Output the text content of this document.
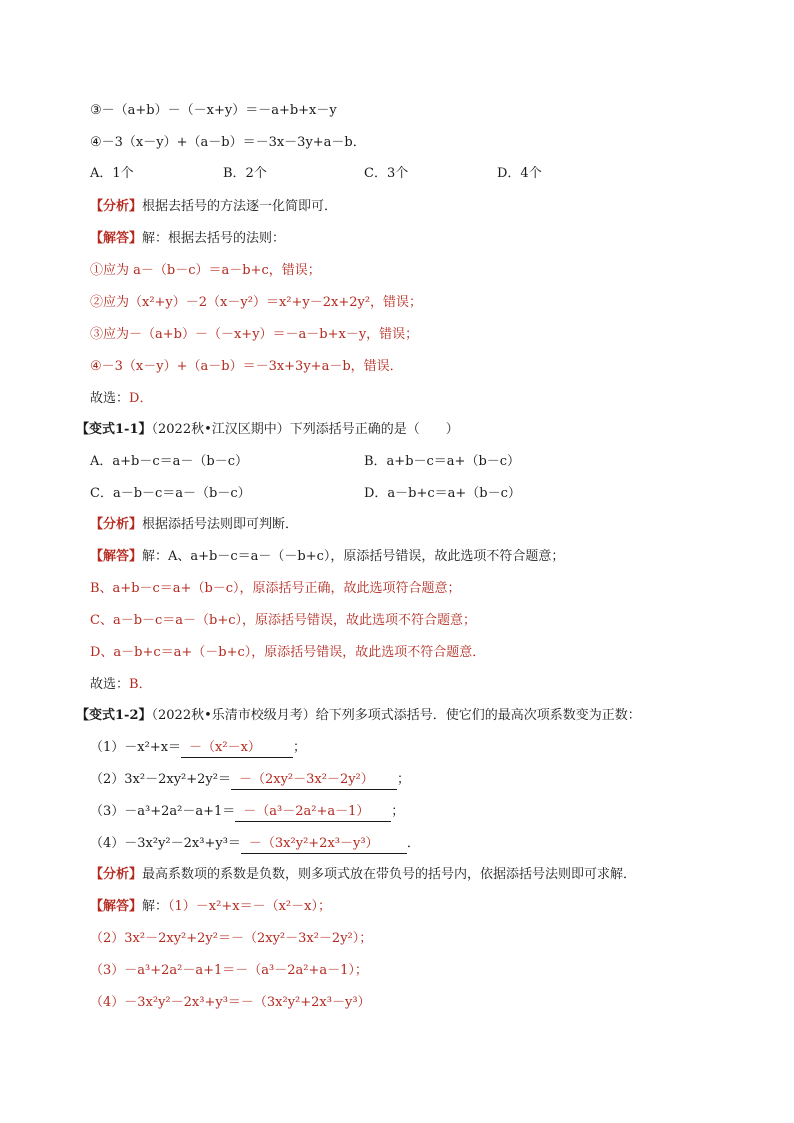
③－（a+b）－（－x+y）＝－a+b+x－y
④－3（x－y）+（a－b）＝－3x－3y+a－b．
A．1个	B．2个	C．3个	D．4个
【分析】根据去括号的方法逐一化简即可．
【解答】解：根据去括号的法则：
①应为 a－（b－c）＝a－b+c，错误；
②应为（x²+y）－2（x－y²）＝x²+y－2x+2y²，错误；
③应为－（a+b）－（－x+y）＝－a－b+x－y，错误；
④－3（x－y）+（a－b）＝－3x+3y+a－b，错误．
故选：D．
【变式1-1】（2022秋•江汉区期中）下列添括号正确的是（　　）
A．a+b－c＝a－（b－c）	B．a+b－c＝a+（b－c）
C．a－b－c＝a－（b－c）	D．a－b+c＝a+（b－c）
【分析】根据添括号法则即可判断．
【解答】解：A、a+b－c＝a－（－b+c），原添括号错误，故此选项不符合题意；
B、a+b－c＝a+（b－c），原添括号正确，故此选项符合题意；
C、a－b－c＝a－（b+c），原添括号错误，故此选项不符合题意；
D、a－b+c＝a+（－b+c），原添括号错误，故此选项不符合题意．
故选：B．
【变式1-2】（2022秋•乐清市校级月考）给下列多项式添括号．使它们的最高次项系数变为正数：
（1）－x²+x＝ －（x²－x） ；
（2）3x²－2xy²+2y²＝ －（2xy²－3x²－2y²） ；
（3）－a³+2a²－a+1＝ －（a³－2a²+a－1） ；
（4）－3x²y²－2x³+y³＝ －（3x²y²+2x³－y³） ．
【分析】最高系数项的系数是负数，则多项式放在带负号的括号内，依据添括号法则即可求解．
【解答】解：（1）－x²+x＝－（x²－x）；
（2）3x²－2xy²+2y²＝－（2xy²－3x²－2y²）；
（3）－a³+2a²－a+1＝－（a³－2a²+a－1）；
（4）－3x²y²－2x³+y³＝－（3x²y²+2x³－y³）
